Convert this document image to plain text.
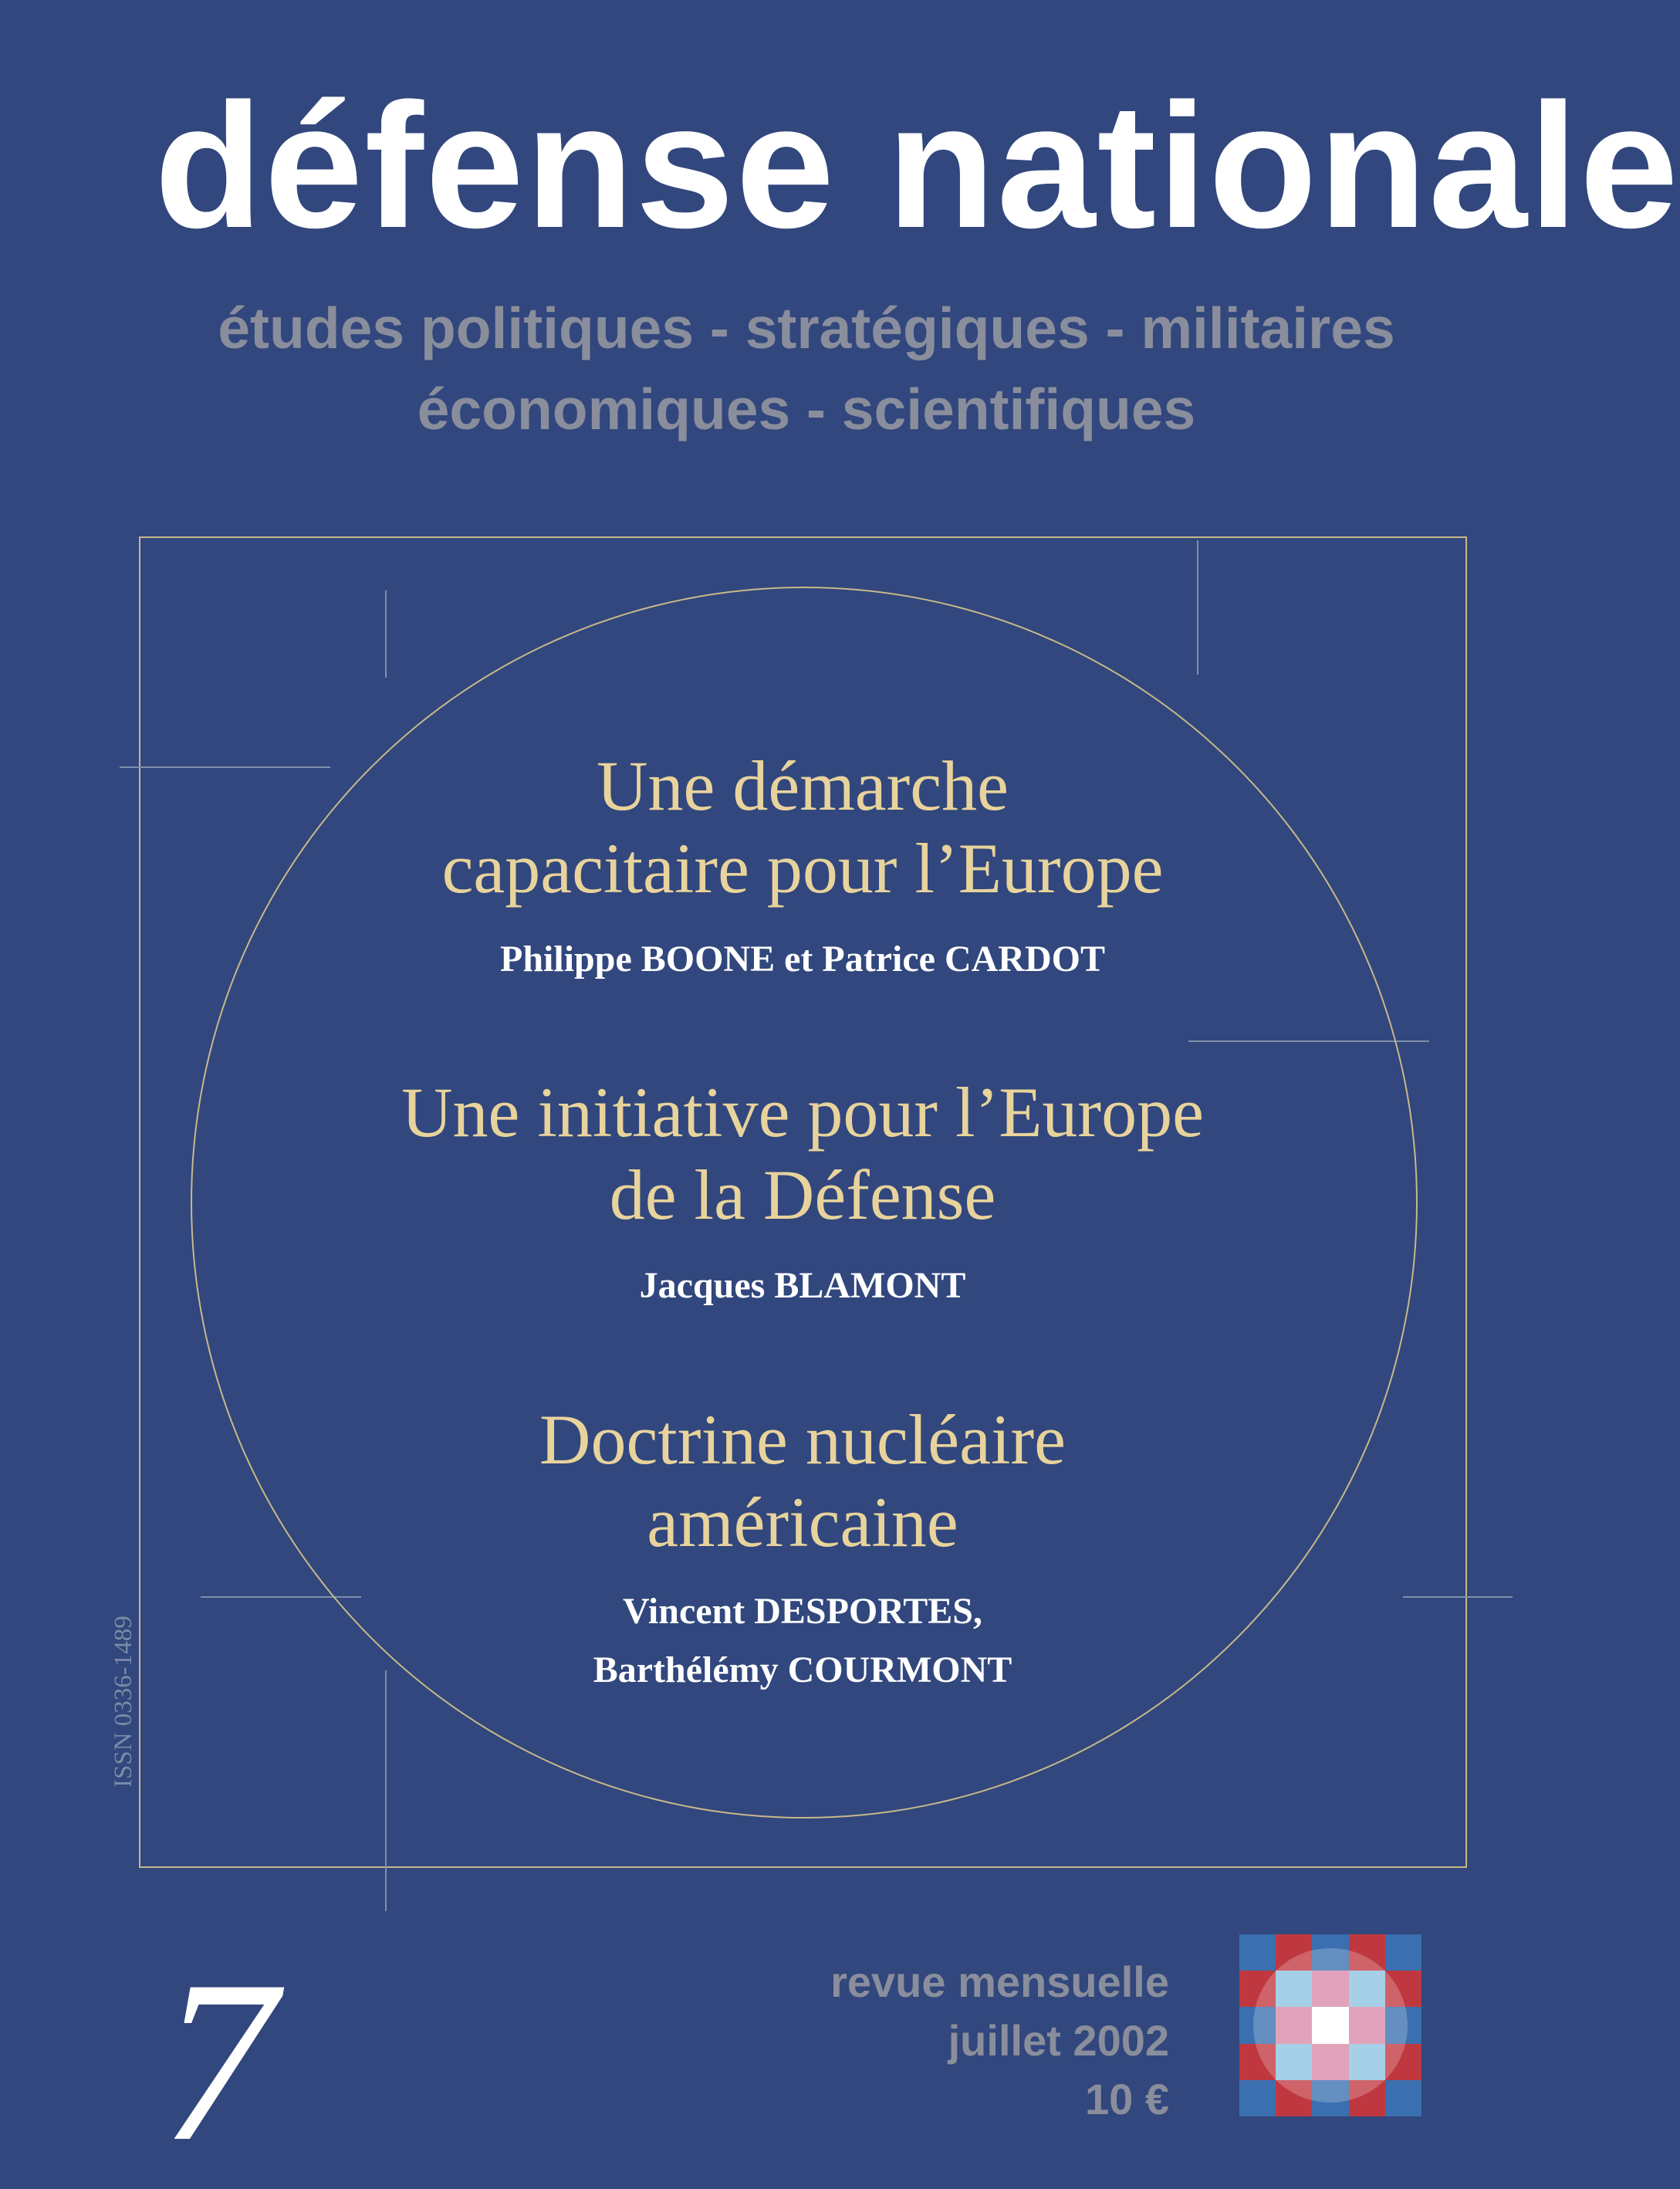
défense nationale
études politiques - stratégiques - militaires
économiques - scientifiques
Une démarche
capacitaire pour l’Europe
Philippe BOONE et Patrice CARDOT
Une initiative pour l’Europe
de la Défense
Jacques BLAMONT
Doctrine nucléaire
américaine
Vincent DESPORTES,
Barthélémy COURMONT
ISSN 0336-1489
7	revue mensuelle
juillet 2002
10 €
